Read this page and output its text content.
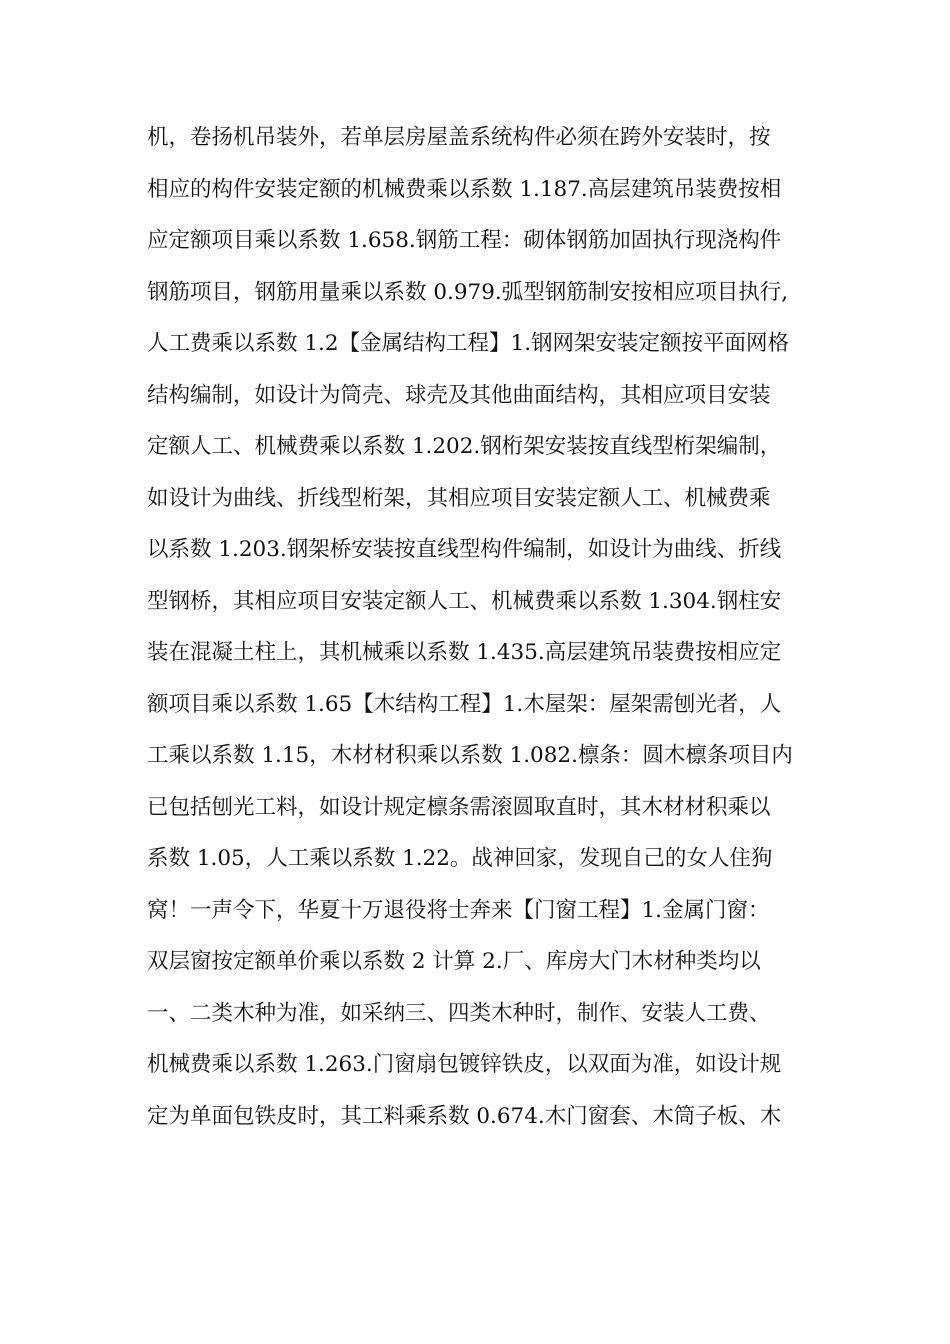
机，卷扬机吊装外，若单层房屋盖系统构件必须在跨外安装时，按
相应的构件安装定额的机械费乘以系数 1.187.高层建筑吊装费按相
应定额项目乘以系数 1.658.钢筋工程：砌体钢筋加固执行现浇构件
钢筋项目，钢筋用量乘以系数 0.979.弧型钢筋制安按相应项目执行,
人工费乘以系数 1.2【金属结构工程】1.钢网架安装定额按平面网格
结构编制，如设计为筒壳、球壳及其他曲面结构，其相应项目安装
定额人工、机械费乘以系数 1.202.钢桁架安装按直线型桁架编制，
如设计为曲线、折线型桁架，其相应项目安装定额人工、机械费乘
以系数 1.203.钢架桥安装按直线型构件编制，如设计为曲线、折线
型钢桥，其相应项目安装定额人工、机械费乘以系数 1.304.钢柱安
装在混凝土柱上，其机械乘以系数 1.435.高层建筑吊装费按相应定
额项目乘以系数 1.65【木结构工程】1.木屋架：屋架需刨光者，人
工乘以系数 1.15，木材材积乘以系数 1.082.檩条：圆木檩条项目内
已包括刨光工料，如设计规定檩条需滚圆取直时，其木材材积乘以
系数 1.05，人工乘以系数 1.22。战神回家，发现自己的女人住狗
窝！一声令下，华夏十万退役将士奔来【门窗工程】1.金属门窗：
双层窗按定额单价乘以系数 2 计算 2.厂、库房大门木材种类均以
一、二类木种为准，如采纳三、四类木种时，制作、安装人工费、
机械费乘以系数 1.263.门窗扇包镀锌铁皮，以双面为准，如设计规
定为单面包铁皮时，其工料乘系数 0.674.木门窗套、木筒子板、木
